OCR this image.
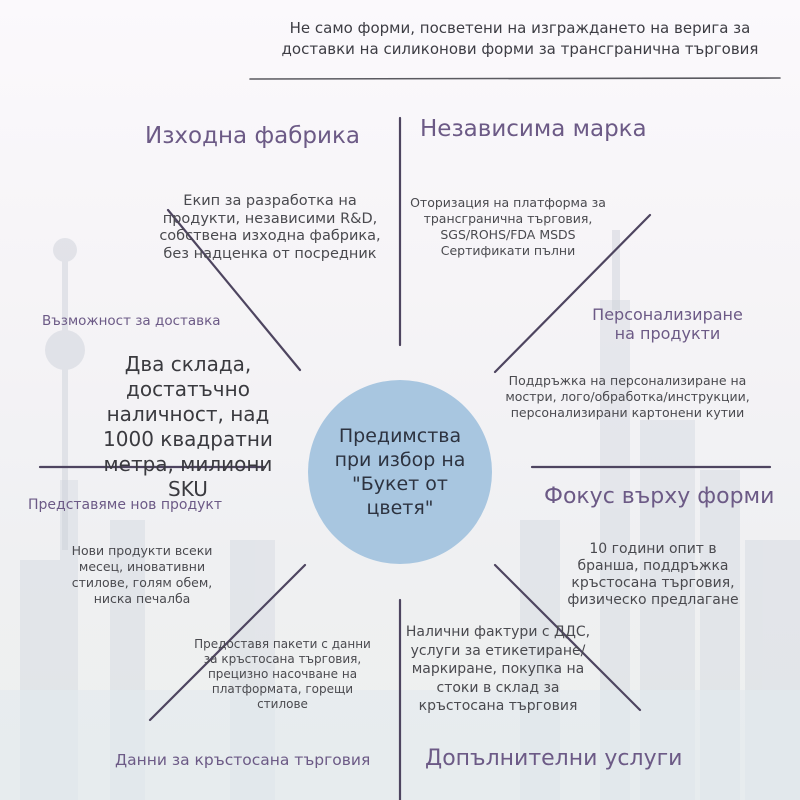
Не само форми, посветени на изграждането на верига за доставки на силиконови форми за трансгранична търговия
Предимства
при избор на
"Букет от
цветя"
Изходна фабрика
Екип за разработка на продукти, независими R&D, собствена изходна фабрика, без надценка от посредник
Независима марка
Оторизация на платформа за трансгранична търговия, SGS/ROHS/FDA MSDS Сертификати пълни
Възможност за доставка
Два склада, достатъчно наличност, над 1000 квадратни метра, милиони SKU
Персонализиране на продукти
Поддръжка на персонализиране на мостри, лого/обработка/инструкции, персонализирани картонени кутии
Представяме нов продукт
Нови продукти всеки месец, иновативни стилове, голям обем, ниска печалба
Фокус върху форми
10 години опит в бранша, поддръжка кръстосана търговия, физическо предлагане
Предоставя пакети с данни за кръстосана търговия, прецизно насочване на платформата, горещи стилове
Данни за кръстосана търговия
Налични фактури с ДДС, услуги за етикетиране/маркиране, покупка на стоки в склад за кръстосана търговия
Допълнителни услуги
